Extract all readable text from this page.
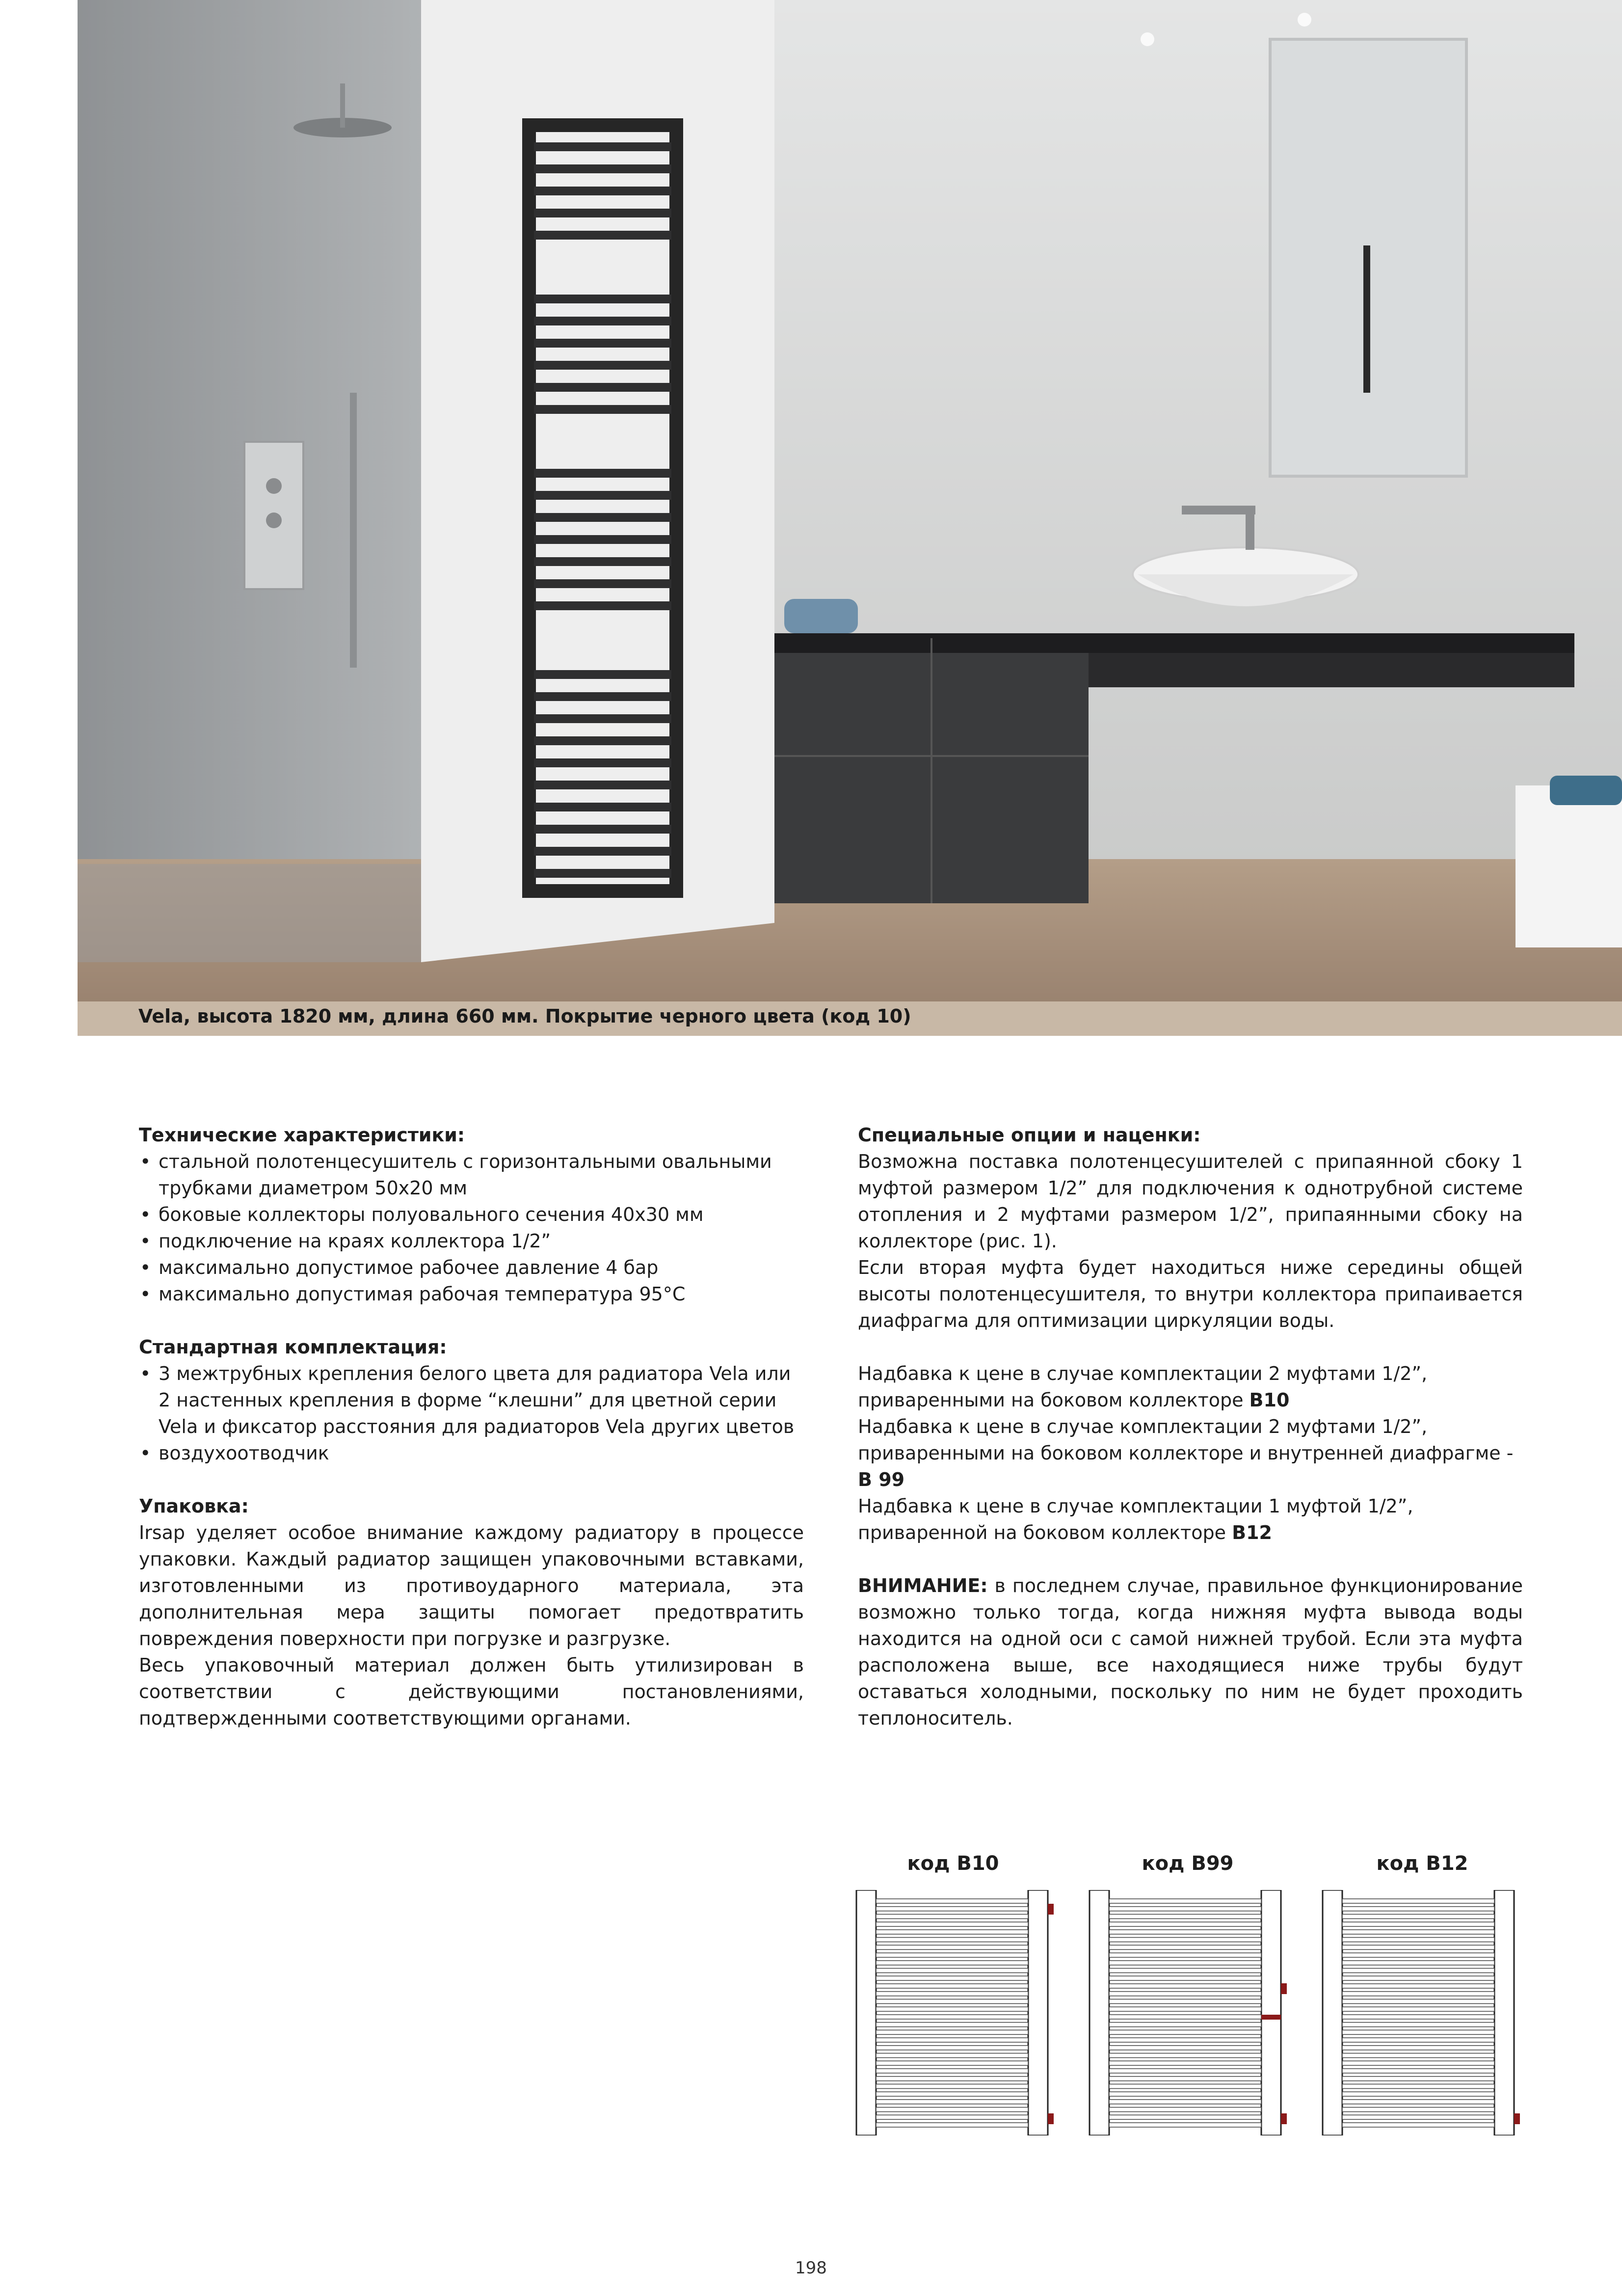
Vela, высота 1820 мм, длина 660 мм. Покрытие черного цвета (код 10)

Технические характеристики:

• стальной полотенцесушитель с горизонтальными овальными трубками диаметром 50х20 мм

• боковые коллекторы полуовального сечения 40х30 мм

• подключение на краях коллектора 1/2”

• максимально допустимое рабочее давление 4 бар

• максимально допустимая рабочая температура 95°С

Стандартная комплектация:

• 3 межтрубных крепления белого цвета для радиатора Vela или 2 настенных крепления в форме “клешни” для цветной серии Vela и фиксатор расстояния для радиаторов Vela других цветов

• воздухоотводчик

Упаковка:

Irsap уделяет особое внимание каждому радиатору в процессе упаковки. Каждый радиатор защищен упаковочными вставками, изготовленными из противоударного материала, эта дополнительная мера защиты помогает предотвратить повреждения поверхности при погрузке и разгрузке.

Весь упаковочный материал должен быть утилизирован в соответствии с действующими постановлениями, подтвержденными соответствующими органами.

Специальные опции и наценки:

Возможна поставка полотенцесушителей с припаянной сбоку 1 муфтой размером 1/2” для подключения к однотрубной системе отопления и 2 муфтами размером 1/2”, припаянными сбоку на коллекторе (рис. 1).

Если вторая муфта будет находиться ниже середины общей высоты полотенцесушителя, то внутри коллектора припаивается диафрагма для оптимизации циркуляции воды.

Надбавка к цене в случае комплектации 2 муфтами 1/2”, приваренными на боковом коллекторе B10

Надбавка к цене в случае комплектации 2 муфтами 1/2”, приваренными на боковом коллекторе и внутренней диафрагме - B 99

Надбавка к цене в случае комплектации 1 муфтой 1/2”, приваренной на боковом коллекторе B12

ВНИМАНИЕ: в последнем случае, правильное функционирование возможно только тогда, когда нижняя муфта вывода воды находится на одной оси с самой нижней трубой. Если эта муфта расположена выше, все находящиеся ниже трубы будут оставаться холодными, поскольку по ним не будет проходить теплоноситель.

код B10	код B99	код B12
198
